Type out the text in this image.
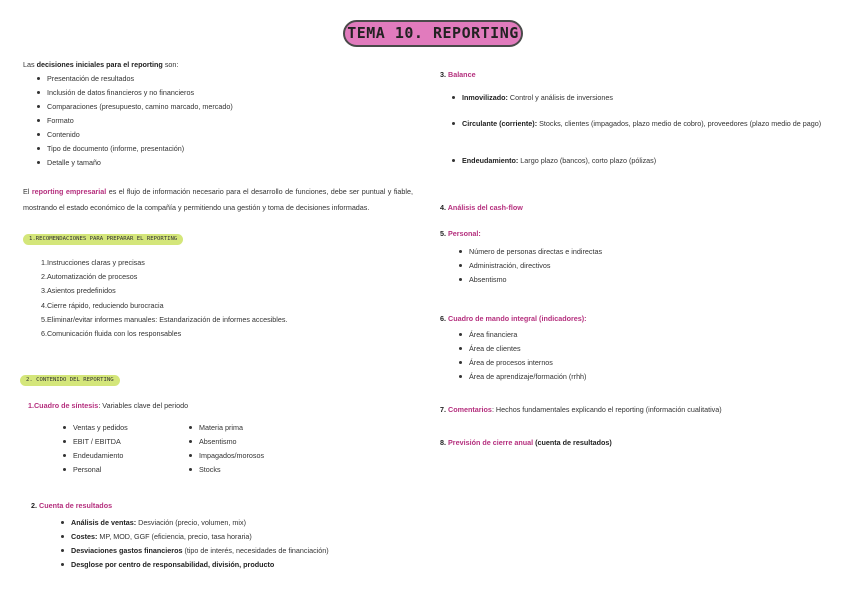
TEMA 10. REPORTING
Las decisiones iniciales para el reporting son:
Presentación de resultados
Inclusión de datos financieros y no financieros
Comparaciones (presupuesto, camino marcado, mercado)
Formato
Contenido
Tipo de documento (informe, presentación)
Detalle y tamaño
El reporting empresarial es el flujo de información necesario para el desarrollo de funciones, debe ser puntual y fiable, mostrando el estado económico de la compañía y permitiendo una gestión y toma de decisiones informadas.
1.RECOMENDACIONES PARA PREPARAR EL REPORTING
1.Instrucciones claras y precisas
2.Automatización de procesos
3.Asientos predefinidos
4.Cierre rápido, reduciendo burocracia
5.Eliminar/evitar informes manuales: Estandarización de informes accesibles.
6.Comunicación fluida con los responsables
2. CONTENIDO DEL REPORTING
1.Cuadro de síntesis: Variables clave del periodo
Ventas y pedidos
EBIT / EBITDA
Endeudamiento
Personal
Materia prima
Absentismo
Impagados/morosos
Stocks
2. Cuenta de resultados
Análisis de ventas: Desviación (precio, volumen, mix)
Costes: MP, MOD, GGF (eficiencia, precio, tasa horaria)
Desviaciones gastos financieros (tipo de interés, necesidades de financiación)
Desglose por centro de responsabilidad, división, producto
3. Balance
Inmovilizado: Control y análisis de inversiones
Circulante (corriente): Stocks, clientes (impagados, plazo medio de cobro), proveedores (plazo medio de pago)
Endeudamiento: Largo plazo (bancos), corto plazo (pólizas)
4. Análisis del cash-flow
5. Personal:
Número de personas directas e indirectas
Administración, directivos
Absentismo
6. Cuadro de mando integral (indicadores):
Área financiera
Área de clientes
Área de procesos internos
Área de aprendizaje/formación (rrhh)
7. Comentarios: Hechos fundamentales explicando el reporting (información cualitativa)
8. Previsión de cierre anual (cuenta de resultados)
